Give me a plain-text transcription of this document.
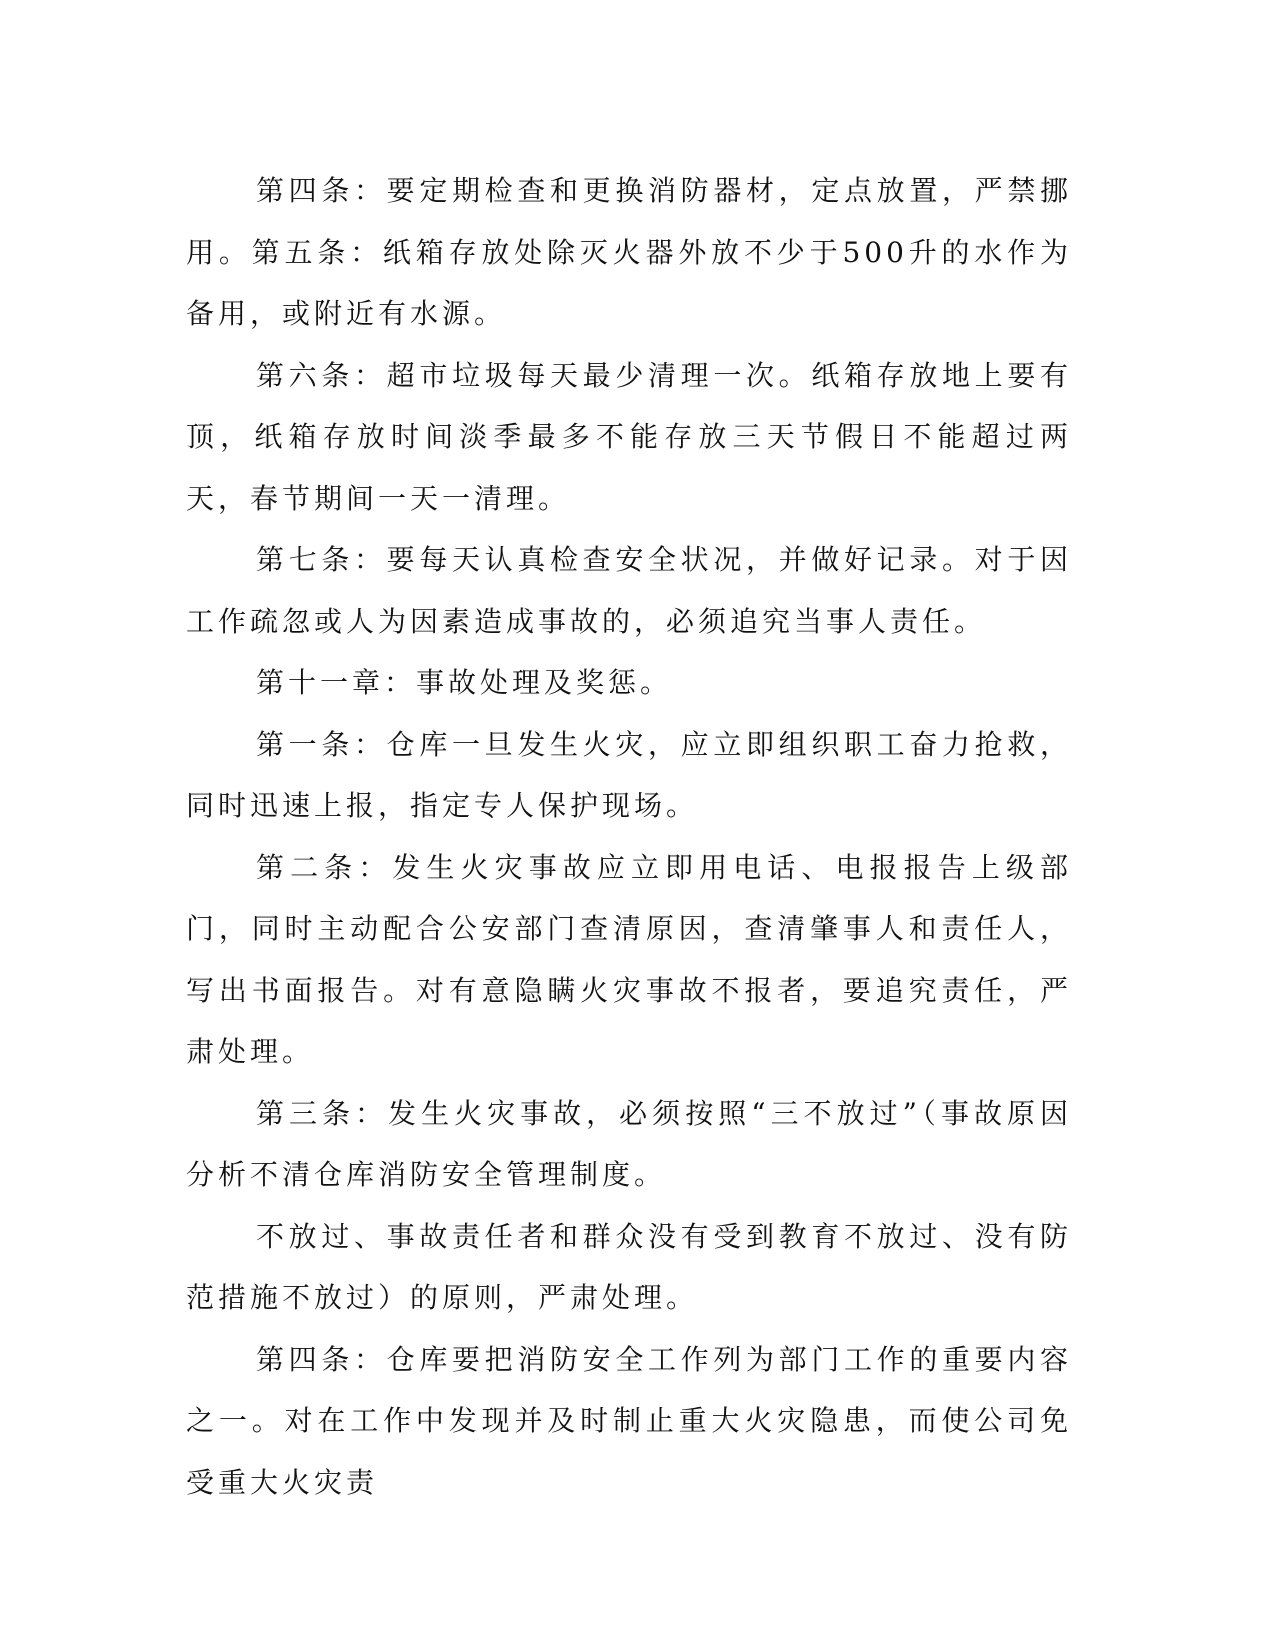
第四条：要定期检查和更换消防器材，定点放置，严禁挪用。第五条：纸箱存放处除灭火器外放不少于500升的水作为备用，或附近有水源。

第六条：超市垃圾每天最少清理一次。纸箱存放地上要有顶，纸箱存放时间淡季最多不能存放三天节假日不能超过两天，春节期间一天一清理。

第七条：要每天认真检查安全状况，并做好记录。对于因工作疏忽或人为因素造成事故的，必须追究当事人责任。

第十一章：事故处理及奖惩。

第一条：仓库一旦发生火灾，应立即组织职工奋力抢救，同时迅速上报，指定专人保护现场。

第二条：发生火灾事故应立即用电话、电报报告上级部门，同时主动配合公安部门查清原因，查清肇事人和责任人，写出书面报告。对有意隐瞒火灾事故不报者，要追究责任，严肃处理。

第三条：发生火灾事故，必须按照“三不放过”（事故原因分析不清仓库消防安全管理制度。

不放过、事故责任者和群众没有受到教育不放过、没有防范措施不放过）的原则，严肃处理。

第四条：仓库要把消防安全工作列为部门工作的重要内容之一。对在工作中发现并及时制止重大火灾隐患，而使公司免受重大火灾责
